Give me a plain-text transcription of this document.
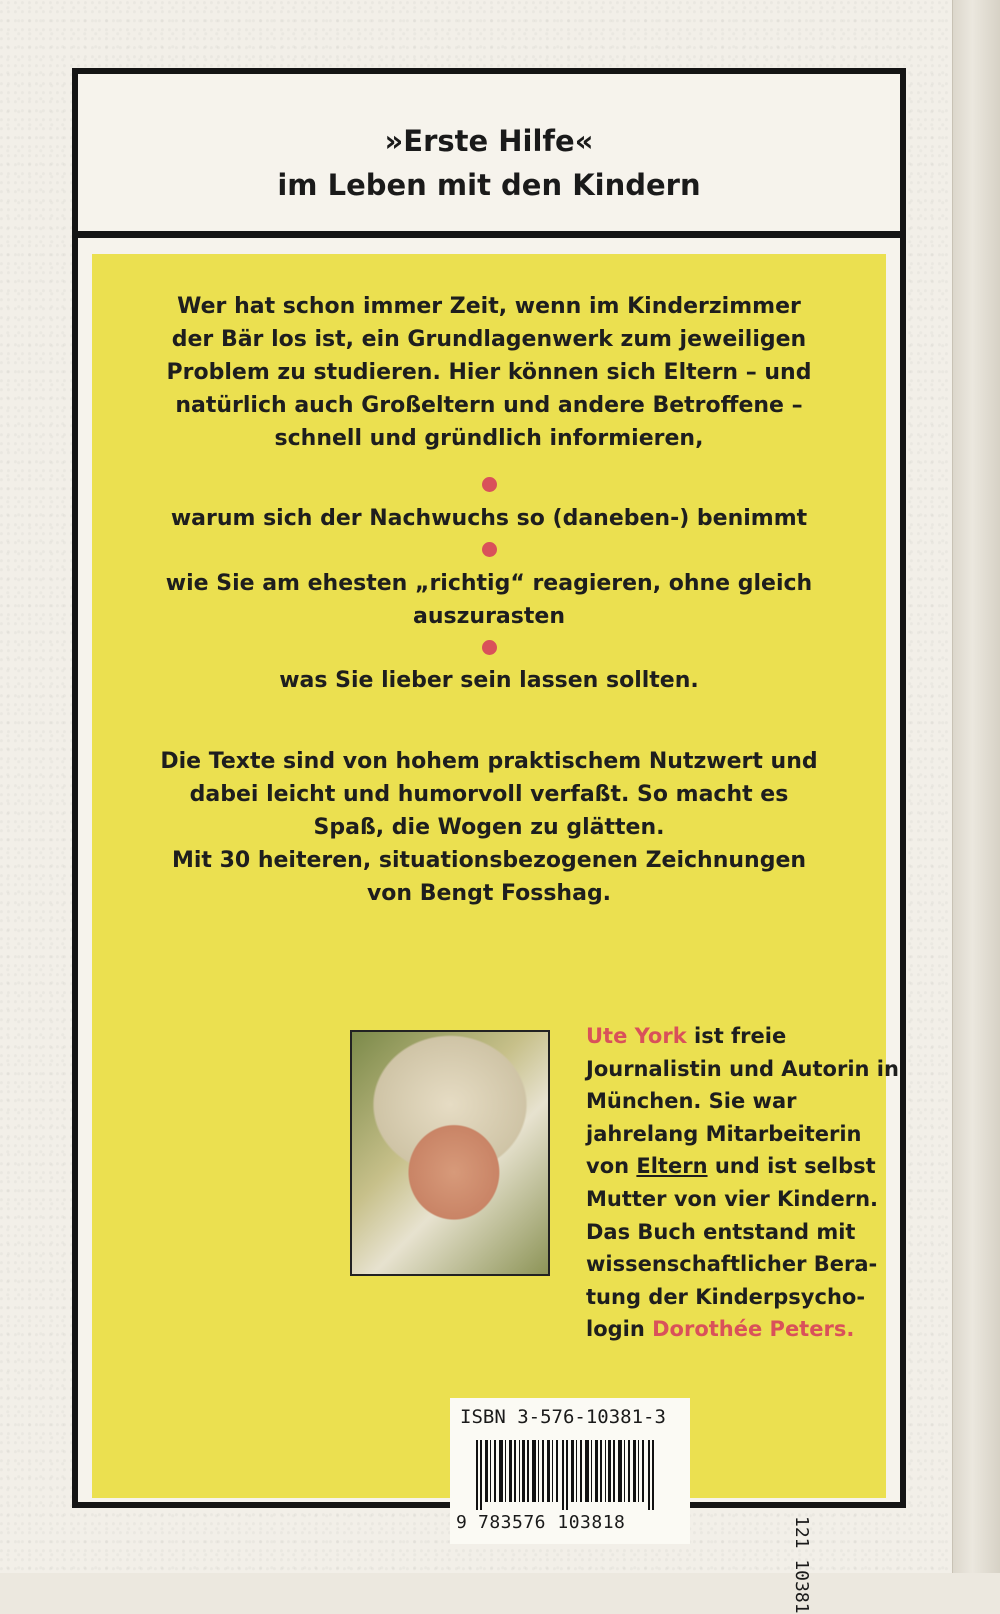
»Erste Hilfe«
im Leben mit den Kindern
Wer hat schon immer Zeit, wenn im Kinderzimmer
der Bär los ist, ein Grundlagenwerk zum jeweiligen
Problem zu studieren. Hier können sich Eltern – und
natürlich auch Großeltern und andere Betroffene –
schnell und gründlich informieren,
warum sich der Nachwuchs so (daneben-) benimmt
wie Sie am ehesten „richtig“ reagieren, ohne gleich
auszurasten
was Sie lieber sein lassen sollten.
Die Texte sind von hohem praktischem Nutzwert und
dabei leicht und humorvoll verfaßt. So macht es
Spaß, die Wogen zu glätten.
Mit 30 heiteren, situationsbezogenen Zeichnungen
von Bengt Fosshag.
Ute York ist freie Journalistin und Autorin in München. Sie war jahrelang Mitarbeiterin von Eltern und ist selbst Mutter von vier Kindern. Das Buch entstand mit wissenschaftlicher Beratung der Kinderpsychologin Dorothée Peters.
ISBN 3-576-10381-3
9 783576 103818	121 10381
